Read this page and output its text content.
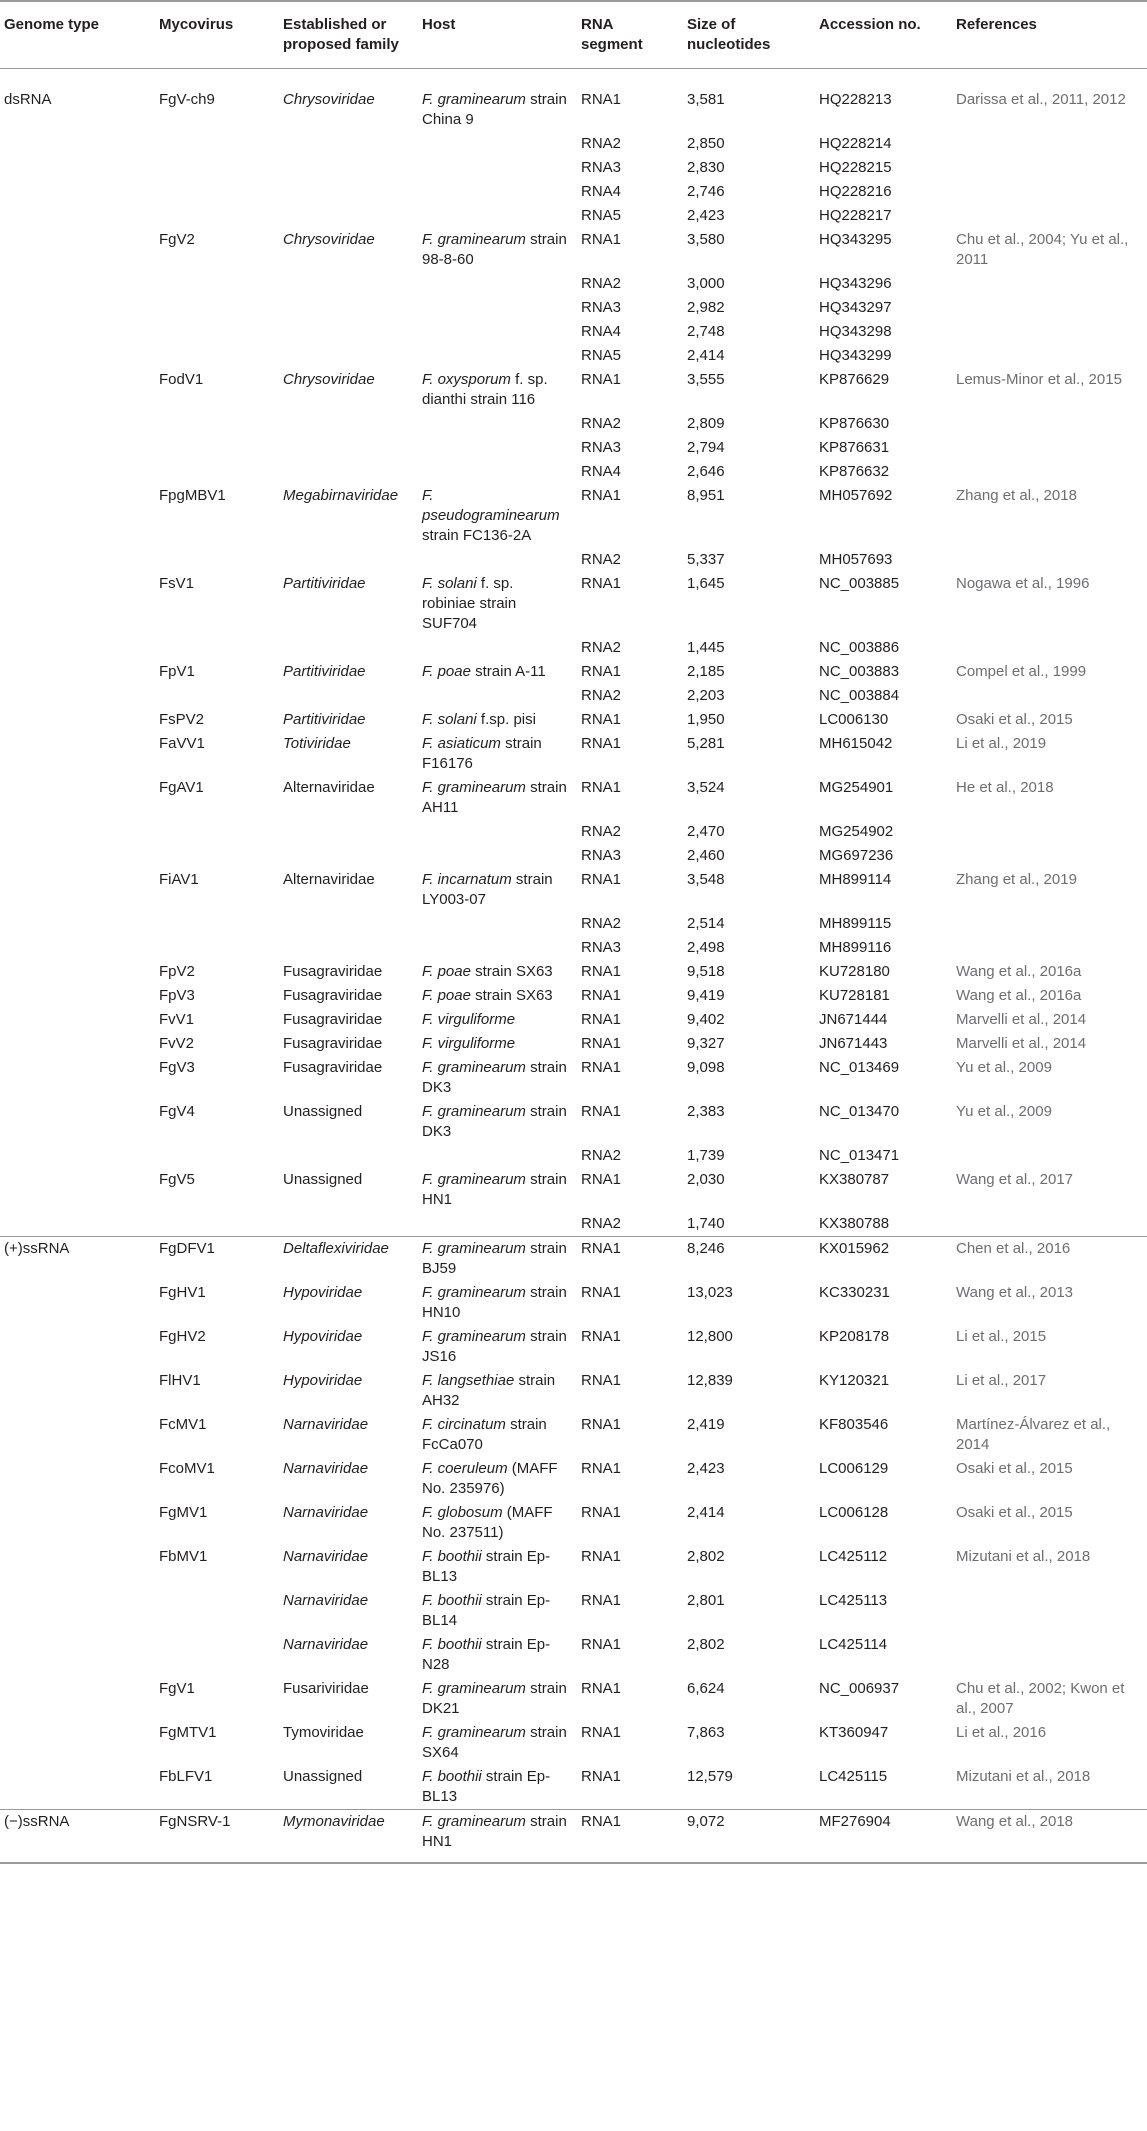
Genome type	Mycovirus	Established or proposed family	Host	RNA segment	Size of nucleotides	Accession no.	References
dsRNA	FgV-ch9	Chrysoviridae	F. graminearum strain China 9	RNA1	3,581	HQ228213	Darissa et al., 2011, 2012
				RNA2	2,850	HQ228214	
				RNA3	2,830	HQ228215	
				RNA4	2,746	HQ228216	
				RNA5	2,423	HQ228217	
	FgV2	Chrysoviridae	F. graminearum strain 98-8-60	RNA1	3,580	HQ343295	Chu et al., 2004; Yu et al., 2011
				RNA2	3,000	HQ343296	
				RNA3	2,982	HQ343297	
				RNA4	2,748	HQ343298	
				RNA5	2,414	HQ343299	
	FodV1	Chrysoviridae	F. oxysporum f. sp. dianthi strain 116	RNA1	3,555	KP876629	Lemus-Minor et al., 2015
				RNA2	2,809	KP876630	
				RNA3	2,794	KP876631	
				RNA4	2,646	KP876632	
	FpgMBV1	Megabirnaviridae	F. pseudograminearum strain FC136-2A	RNA1	8,951	MH057692	Zhang et al., 2018
				RNA2	5,337	MH057693	
	FsV1	Partitiviridae	F. solani f. sp. robiniae strain SUF704	RNA1	1,645	NC_003885	Nogawa et al., 1996
				RNA2	1,445	NC_003886	
	FpV1	Partitiviridae	F. poae strain A-11	RNA1	2,185	NC_003883	Compel et al., 1999
				RNA2	2,203	NC_003884	
	FsPV2	Partitiviridae	F. solani f.sp. pisi	RNA1	1,950	LC006130	Osaki et al., 2015
	FaVV1	Totiviridae	F. asiaticum strain F16176	RNA1	5,281	MH615042	Li et al., 2019
	FgAV1	Alternaviridae	F. graminearum strain AH11	RNA1	3,524	MG254901	He et al., 2018
				RNA2	2,470	MG254902	
				RNA3	2,460	MG697236	
	FiAV1	Alternaviridae	F. incarnatum strain LY003-07	RNA1	3,548	MH899114	Zhang et al., 2019
				RNA2	2,514	MH899115	
				RNA3	2,498	MH899116	
	FpV2	Fusagraviridae	F. poae strain SX63	RNA1	9,518	KU728180	Wang et al., 2016a
	FpV3	Fusagraviridae	F. poae strain SX63	RNA1	9,419	KU728181	Wang et al., 2016a
	FvV1	Fusagraviridae	F. virguliforme	RNA1	9,402	JN671444	Marvelli et al., 2014
	FvV2	Fusagraviridae	F. virguliforme	RNA1	9,327	JN671443	Marvelli et al., 2014
	FgV3	Fusagraviridae	F. graminearum strain DK3	RNA1	9,098	NC_013469	Yu et al., 2009
	FgV4	Unassigned	F. graminearum strain DK3	RNA1	2,383	NC_013470	Yu et al., 2009
				RNA2	1,739	NC_013471	
	FgV5	Unassigned	F. graminearum strain HN1	RNA1	2,030	KX380787	Wang et al., 2017
				RNA2	1,740	KX380788	
(+)ssRNA	FgDFV1	Deltaflexiviridae	F. graminearum strain BJ59	RNA1	8,246	KX015962	Chen et al., 2016
	FgHV1	Hypoviridae	F. graminearum strain HN10	RNA1	13,023	KC330231	Wang et al., 2013
	FgHV2	Hypoviridae	F. graminearum strain JS16	RNA1	12,800	KP208178	Li et al., 2015
	FlHV1	Hypoviridae	F. langsethiae strain AH32	RNA1	12,839	KY120321	Li et al., 2017
	FcMV1	Narnaviridae	F. circinatum strain FcCa070	RNA1	2,419	KF803546	Martínez-Álvarez et al., 2014
	FcoMV1	Narnaviridae	F. coeruleum (MAFF No. 235976)	RNA1	2,423	LC006129	Osaki et al., 2015
	FgMV1	Narnaviridae	F. globosum (MAFF No. 237511)	RNA1	2,414	LC006128	Osaki et al., 2015
	FbMV1	Narnaviridae	F. boothii strain Ep-BL13	RNA1	2,802	LC425112	Mizutani et al., 2018
		Narnaviridae	F. boothii strain Ep-BL14	RNA1	2,801	LC425113	
		Narnaviridae	F. boothii strain Ep-N28	RNA1	2,802	LC425114	
	FgV1	Fusariviridae	F. graminearum strain DK21	RNA1	6,624	NC_006937	Chu et al., 2002; Kwon et al., 2007
	FgMTV1	Tymoviridae	F. graminearum strain SX64	RNA1	7,863	KT360947	Li et al., 2016
	FbLFV1	Unassigned	F. boothii strain Ep-BL13	RNA1	12,579	LC425115	Mizutani et al., 2018
(−)ssRNA	FgNSRV-1	Mymonaviridae	F. graminearum strain HN1	RNA1	9,072	MF276904	Wang et al., 2018
